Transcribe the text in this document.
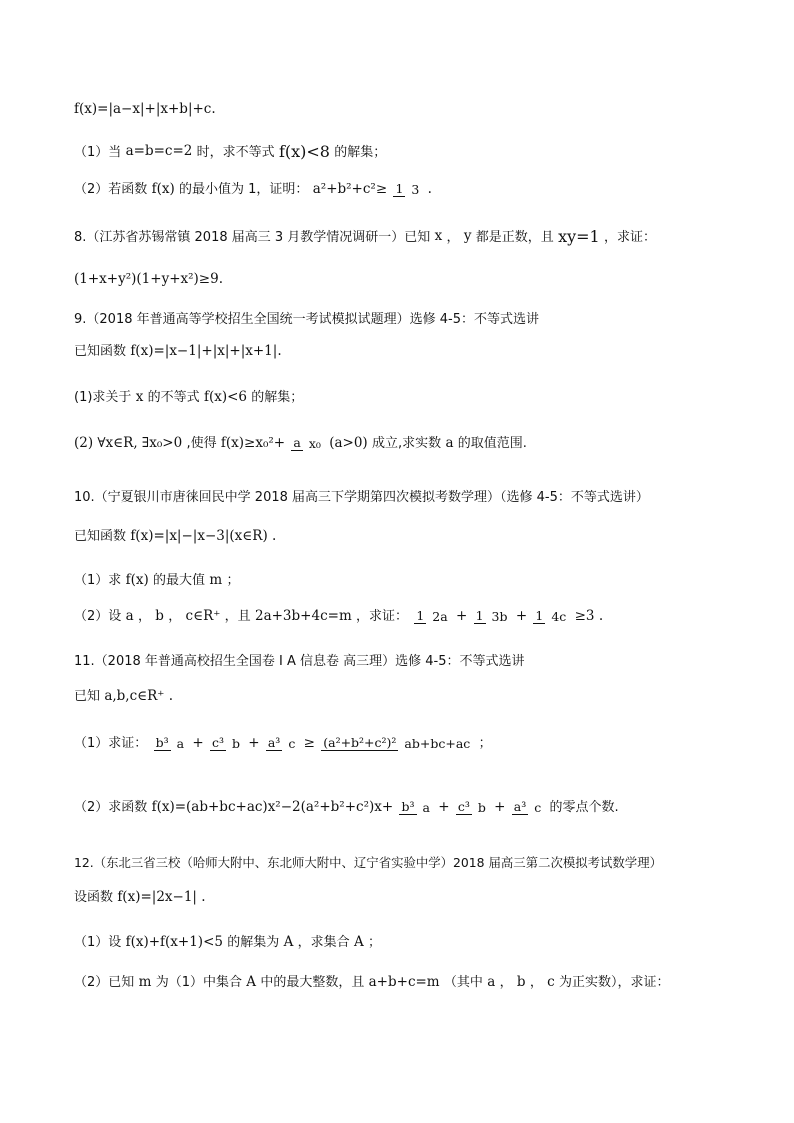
f(x)=|a−x|+|x+b|+c.
（1）当 a=b=c=2 时，求不等式 f(x)<8 的解集；
（2）若函数 f(x) 的最小值为 1，证明： a²+b²+c²≥ 1 3 .
8.（江苏省苏锡常镇 2018 届高三 3 月教学情况调研一）已知 x ， y 都是正数，且 xy=1 ，求证：
(1+x+y²)(1+y+x²)≥9.
9.（2018 年普通高等学校招生全国统一考试模拟试题理）选修 4-5：不等式选讲
已知函数 f(x)=|x−1|+|x|+|x+1|.
(1)求关于 x 的不等式 f(x)<6 的解集；
(2) ∀x∈R, ∃x₀>0 ,使得 f(x)≥x₀²+ a x₀ (a>0) 成立,求实数 a 的取值范围.
10.（宁夏银川市唐徕回民中学 2018 届高三下学期第四次模拟考数学理）（选修 4-5：不等式选讲）
已知函数 f(x)=|x|−|x−3|(x∈R) .
（1）求 f(x) 的最大值 m ；
（2）设 a ， b ， c∈R⁺ ，且 2a+3b+4c=m ，求证： 1 2a + 1 3b + 1 4c ≥3 .
11.（2018 年普通高校招生全国卷 Ⅰ A 信息卷 高三理）选修 4-5：不等式选讲
已知 a,b,c∈R⁺ .
（1）求证： b³ a + c³ b + a³ c ≥ (a²+b²+c²)² ab+bc+ac ；
（2）求函数 f(x)=(ab+bc+ac)x²−2(a²+b²+c²)x+ b³ a + c³ b + a³ c 的零点个数.
12.（东北三省三校（哈师大附中、东北师大附中、辽宁省实验中学）2018 届高三第二次模拟考试数学理）
设函数 f(x)=|2x−1| .
（1）设 f(x)+f(x+1)<5 的解集为 A ，求集合 A ；
（2）已知 m 为（1）中集合 A 中的最大整数，且 a+b+c=m （其中 a ， b ， c 为正实数），求证：
